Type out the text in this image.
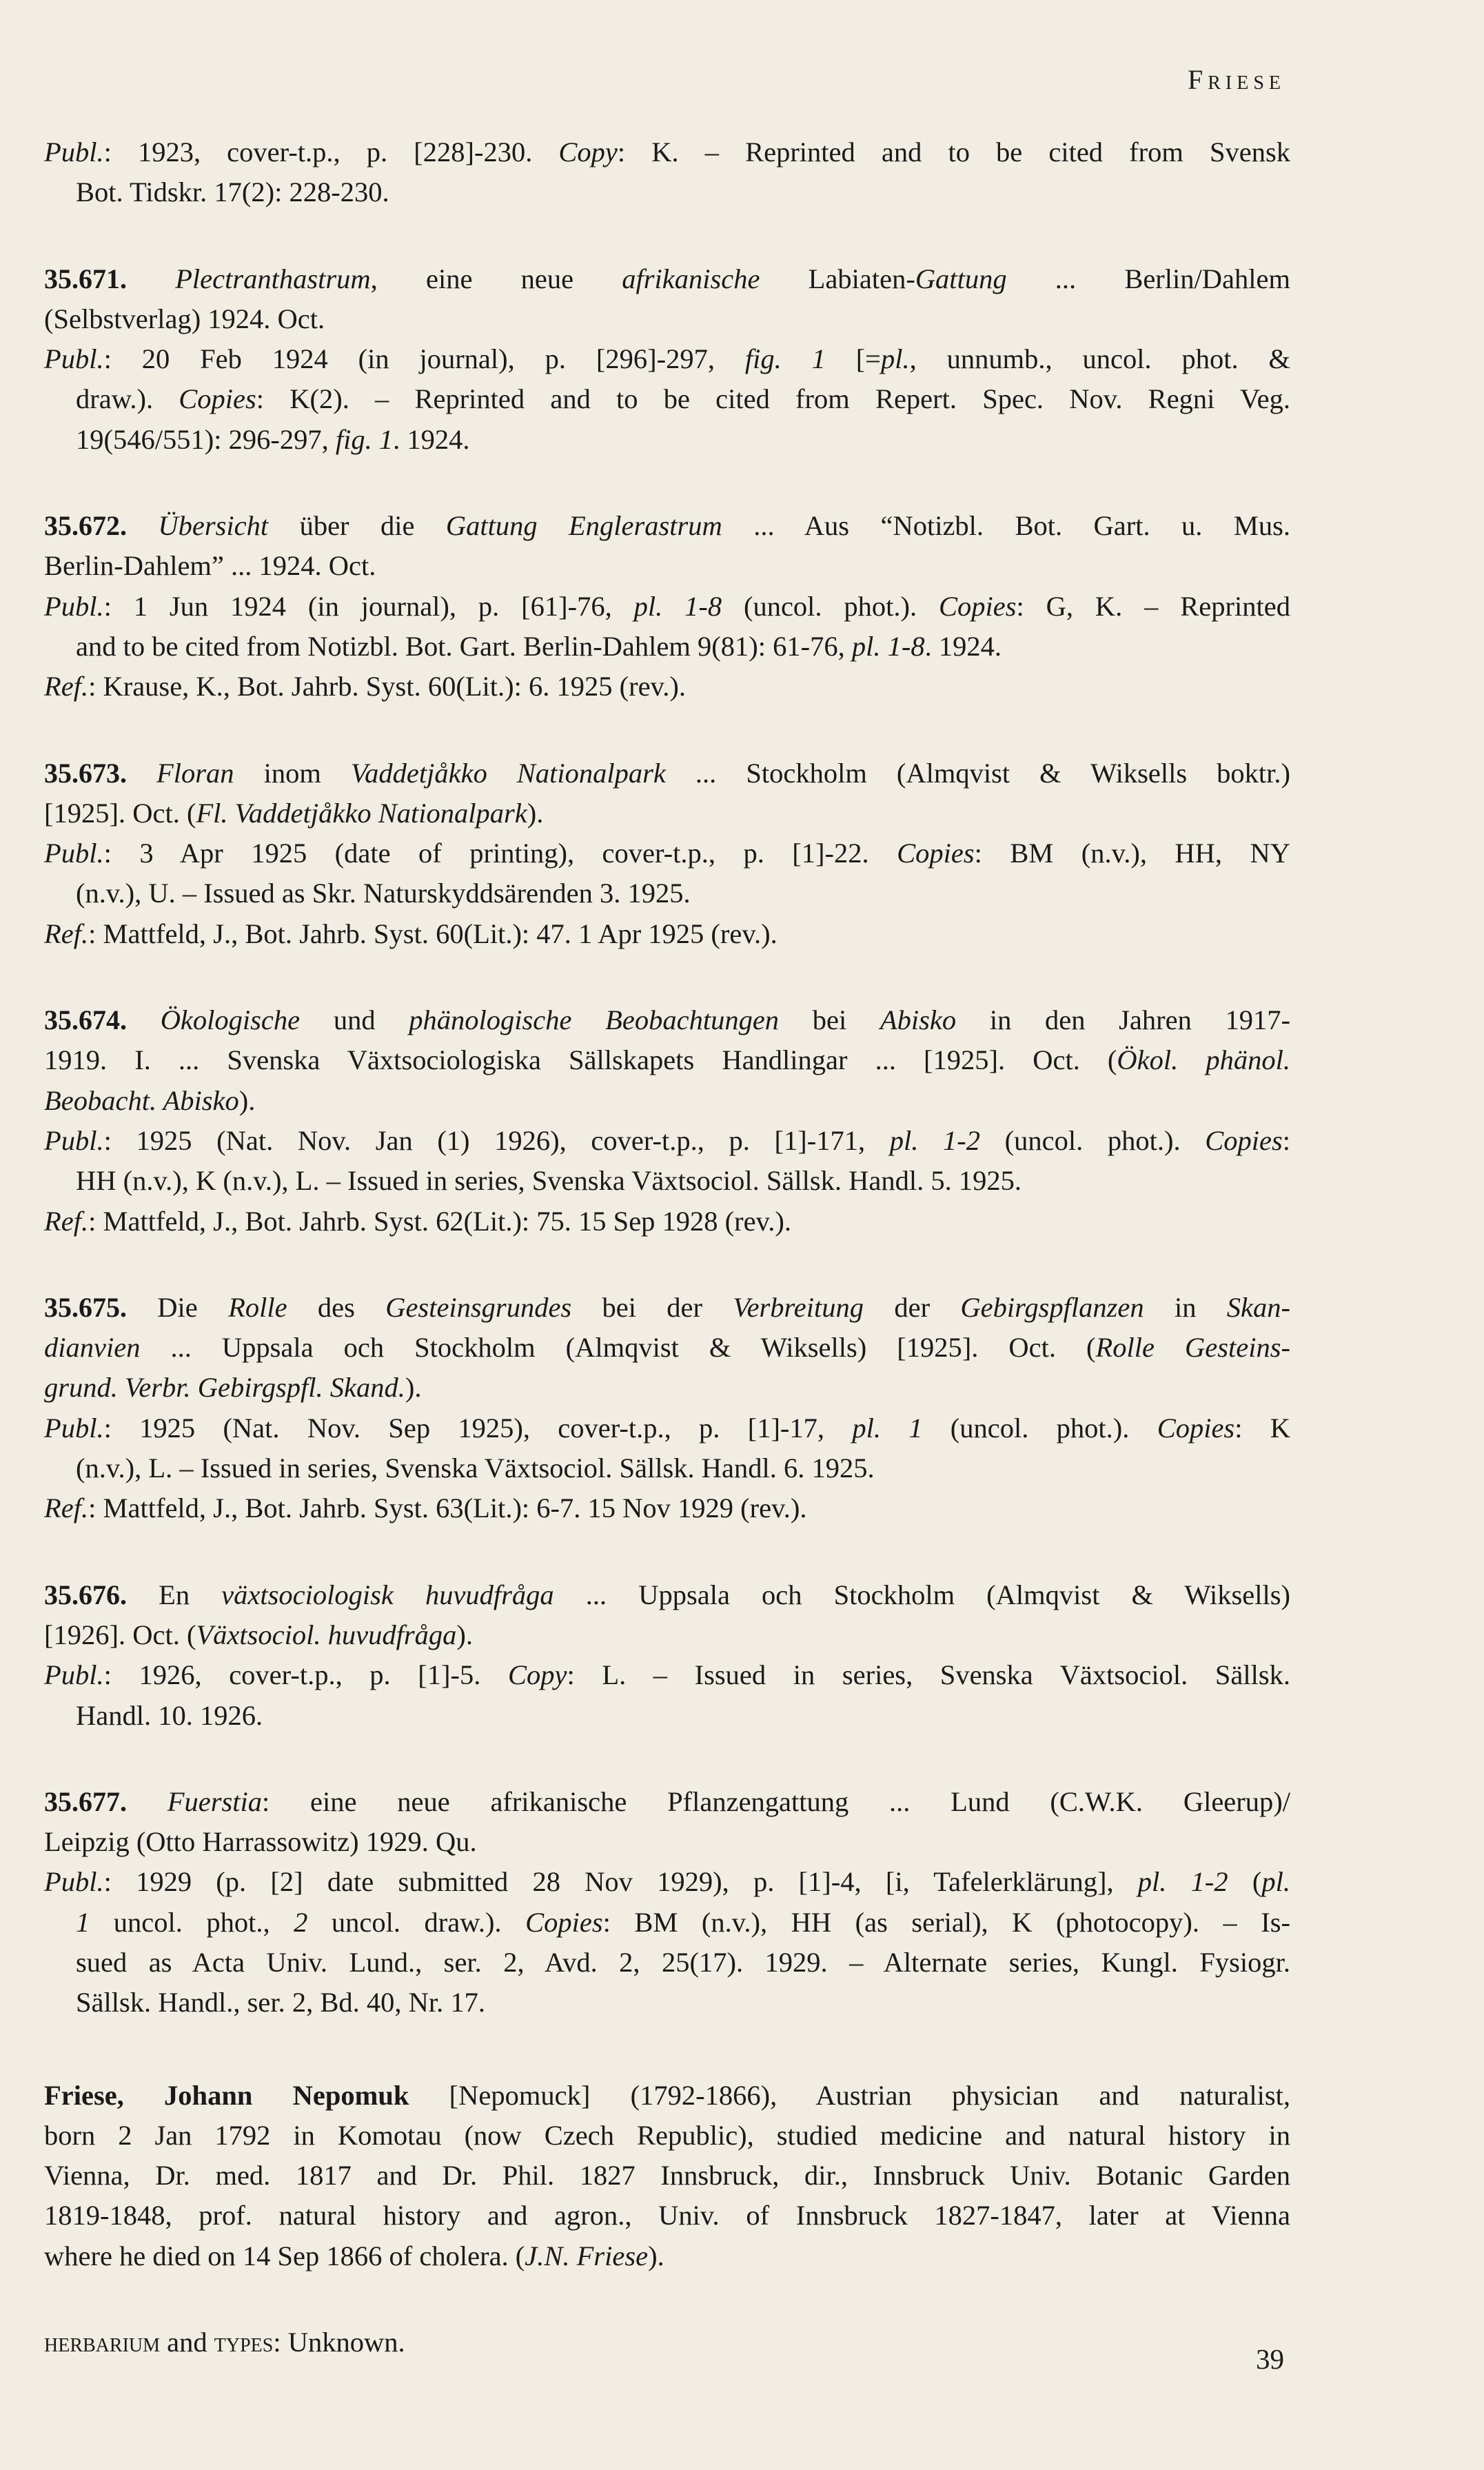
Friese
Publ.: 1923, cover-t.p., p. [228]-230. Copy: K. – Reprinted and to be cited from Svensk
Bot. Tidskr. 17(2): 228-230.
35.671. Plectranthastrum, eine neue afrikanische Labiaten-Gattung ... Berlin/Dahlem
(Selbstverlag) 1924. Oct.
Publ.: 20 Feb 1924 (in journal), p. [296]-297, fig. 1 [=pl., unnumb., uncol. phot. &
draw.). Copies: K(2). – Reprinted and to be cited from Repert. Spec. Nov. Regni Veg.
19(546/551): 296-297, fig. 1. 1924.
35.672. Übersicht über die Gattung Englerastrum ... Aus “Notizbl. Bot. Gart. u. Mus.
Berlin-Dahlem” ... 1924. Oct.
Publ.: 1 Jun 1924 (in journal), p. [61]-76, pl. 1-8 (uncol. phot.). Copies: G, K. – Reprinted
and to be cited from Notizbl. Bot. Gart. Berlin-Dahlem 9(81): 61-76, pl. 1-8. 1924.
Ref.: Krause, K., Bot. Jahrb. Syst. 60(Lit.): 6. 1925 (rev.).
35.673. Floran inom Vaddetjåkko Nationalpark ... Stockholm (Almqvist & Wiksells boktr.)
[1925]. Oct. (Fl. Vaddetjåkko Nationalpark).
Publ.: 3 Apr 1925 (date of printing), cover-t.p., p. [1]-22. Copies: BM (n.v.), HH, NY
(n.v.), U. – Issued as Skr. Naturskyddsärenden 3. 1925.
Ref.: Mattfeld, J., Bot. Jahrb. Syst. 60(Lit.): 47. 1 Apr 1925 (rev.).
35.674. Ökologische und phänologische Beobachtungen bei Abisko in den Jahren 1917-
1919. I. ... Svenska Växtsociologiska Sällskapets Handlingar ... [1925]. Oct. (Ökol. phänol.
Beobacht. Abisko).
Publ.: 1925 (Nat. Nov. Jan (1) 1926), cover-t.p., p. [1]-171, pl. 1-2 (uncol. phot.). Copies:
HH (n.v.), K (n.v.), L. – Issued in series, Svenska Växtsociol. Sällsk. Handl. 5. 1925.
Ref.: Mattfeld, J., Bot. Jahrb. Syst. 62(Lit.): 75. 15 Sep 1928 (rev.).
35.675. Die Rolle des Gesteinsgrundes bei der Verbreitung der Gebirgspflanzen in Skan-
dianvien ... Uppsala och Stockholm (Almqvist & Wiksells) [1925]. Oct. (Rolle Gesteins-
grund. Verbr. Gebirgspfl. Skand.).
Publ.: 1925 (Nat. Nov. Sep 1925), cover-t.p., p. [1]-17, pl. 1 (uncol. phot.). Copies: K
(n.v.), L. – Issued in series, Svenska Växtsociol. Sällsk. Handl. 6. 1925.
Ref.: Mattfeld, J., Bot. Jahrb. Syst. 63(Lit.): 6-7. 15 Nov 1929 (rev.).
35.676. En växtsociologisk huvudfråga ... Uppsala och Stockholm (Almqvist & Wiksells)
[1926]. Oct. (Växtsociol. huvudfråga).
Publ.: 1926, cover-t.p., p. [1]-5. Copy: L. – Issued in series, Svenska Växtsociol. Sällsk.
Handl. 10. 1926.
35.677. Fuerstia: eine neue afrikanische Pflanzengattung ... Lund (C.W.K. Gleerup)/
Leipzig (Otto Harrassowitz) 1929. Qu.
Publ.: 1929 (p. [2] date submitted 28 Nov 1929), p. [1]-4, [i, Tafelerklärung], pl. 1-2 (pl.
1 uncol. phot., 2 uncol. draw.). Copies: BM (n.v.), HH (as serial), K (photocopy). – Is-
sued as Acta Univ. Lund., ser. 2, Avd. 2, 25(17). 1929. – Alternate series, Kungl. Fysiogr.
Sällsk. Handl., ser. 2, Bd. 40, Nr. 17.
Friese, Johann Nepomuk [Nepomuck] (1792-1866), Austrian physician and naturalist,
born 2 Jan 1792 in Komotau (now Czech Republic), studied medicine and natural history in
Vienna, Dr. med. 1817 and Dr. Phil. 1827 Innsbruck, dir., Innsbruck Univ. Botanic Garden
1819-1848, prof. natural history and agron., Univ. of Innsbruck 1827-1847, later at Vienna
where he died on 14 Sep 1866 of cholera. (J.N. Friese).
herbarium and types: Unknown.
39
